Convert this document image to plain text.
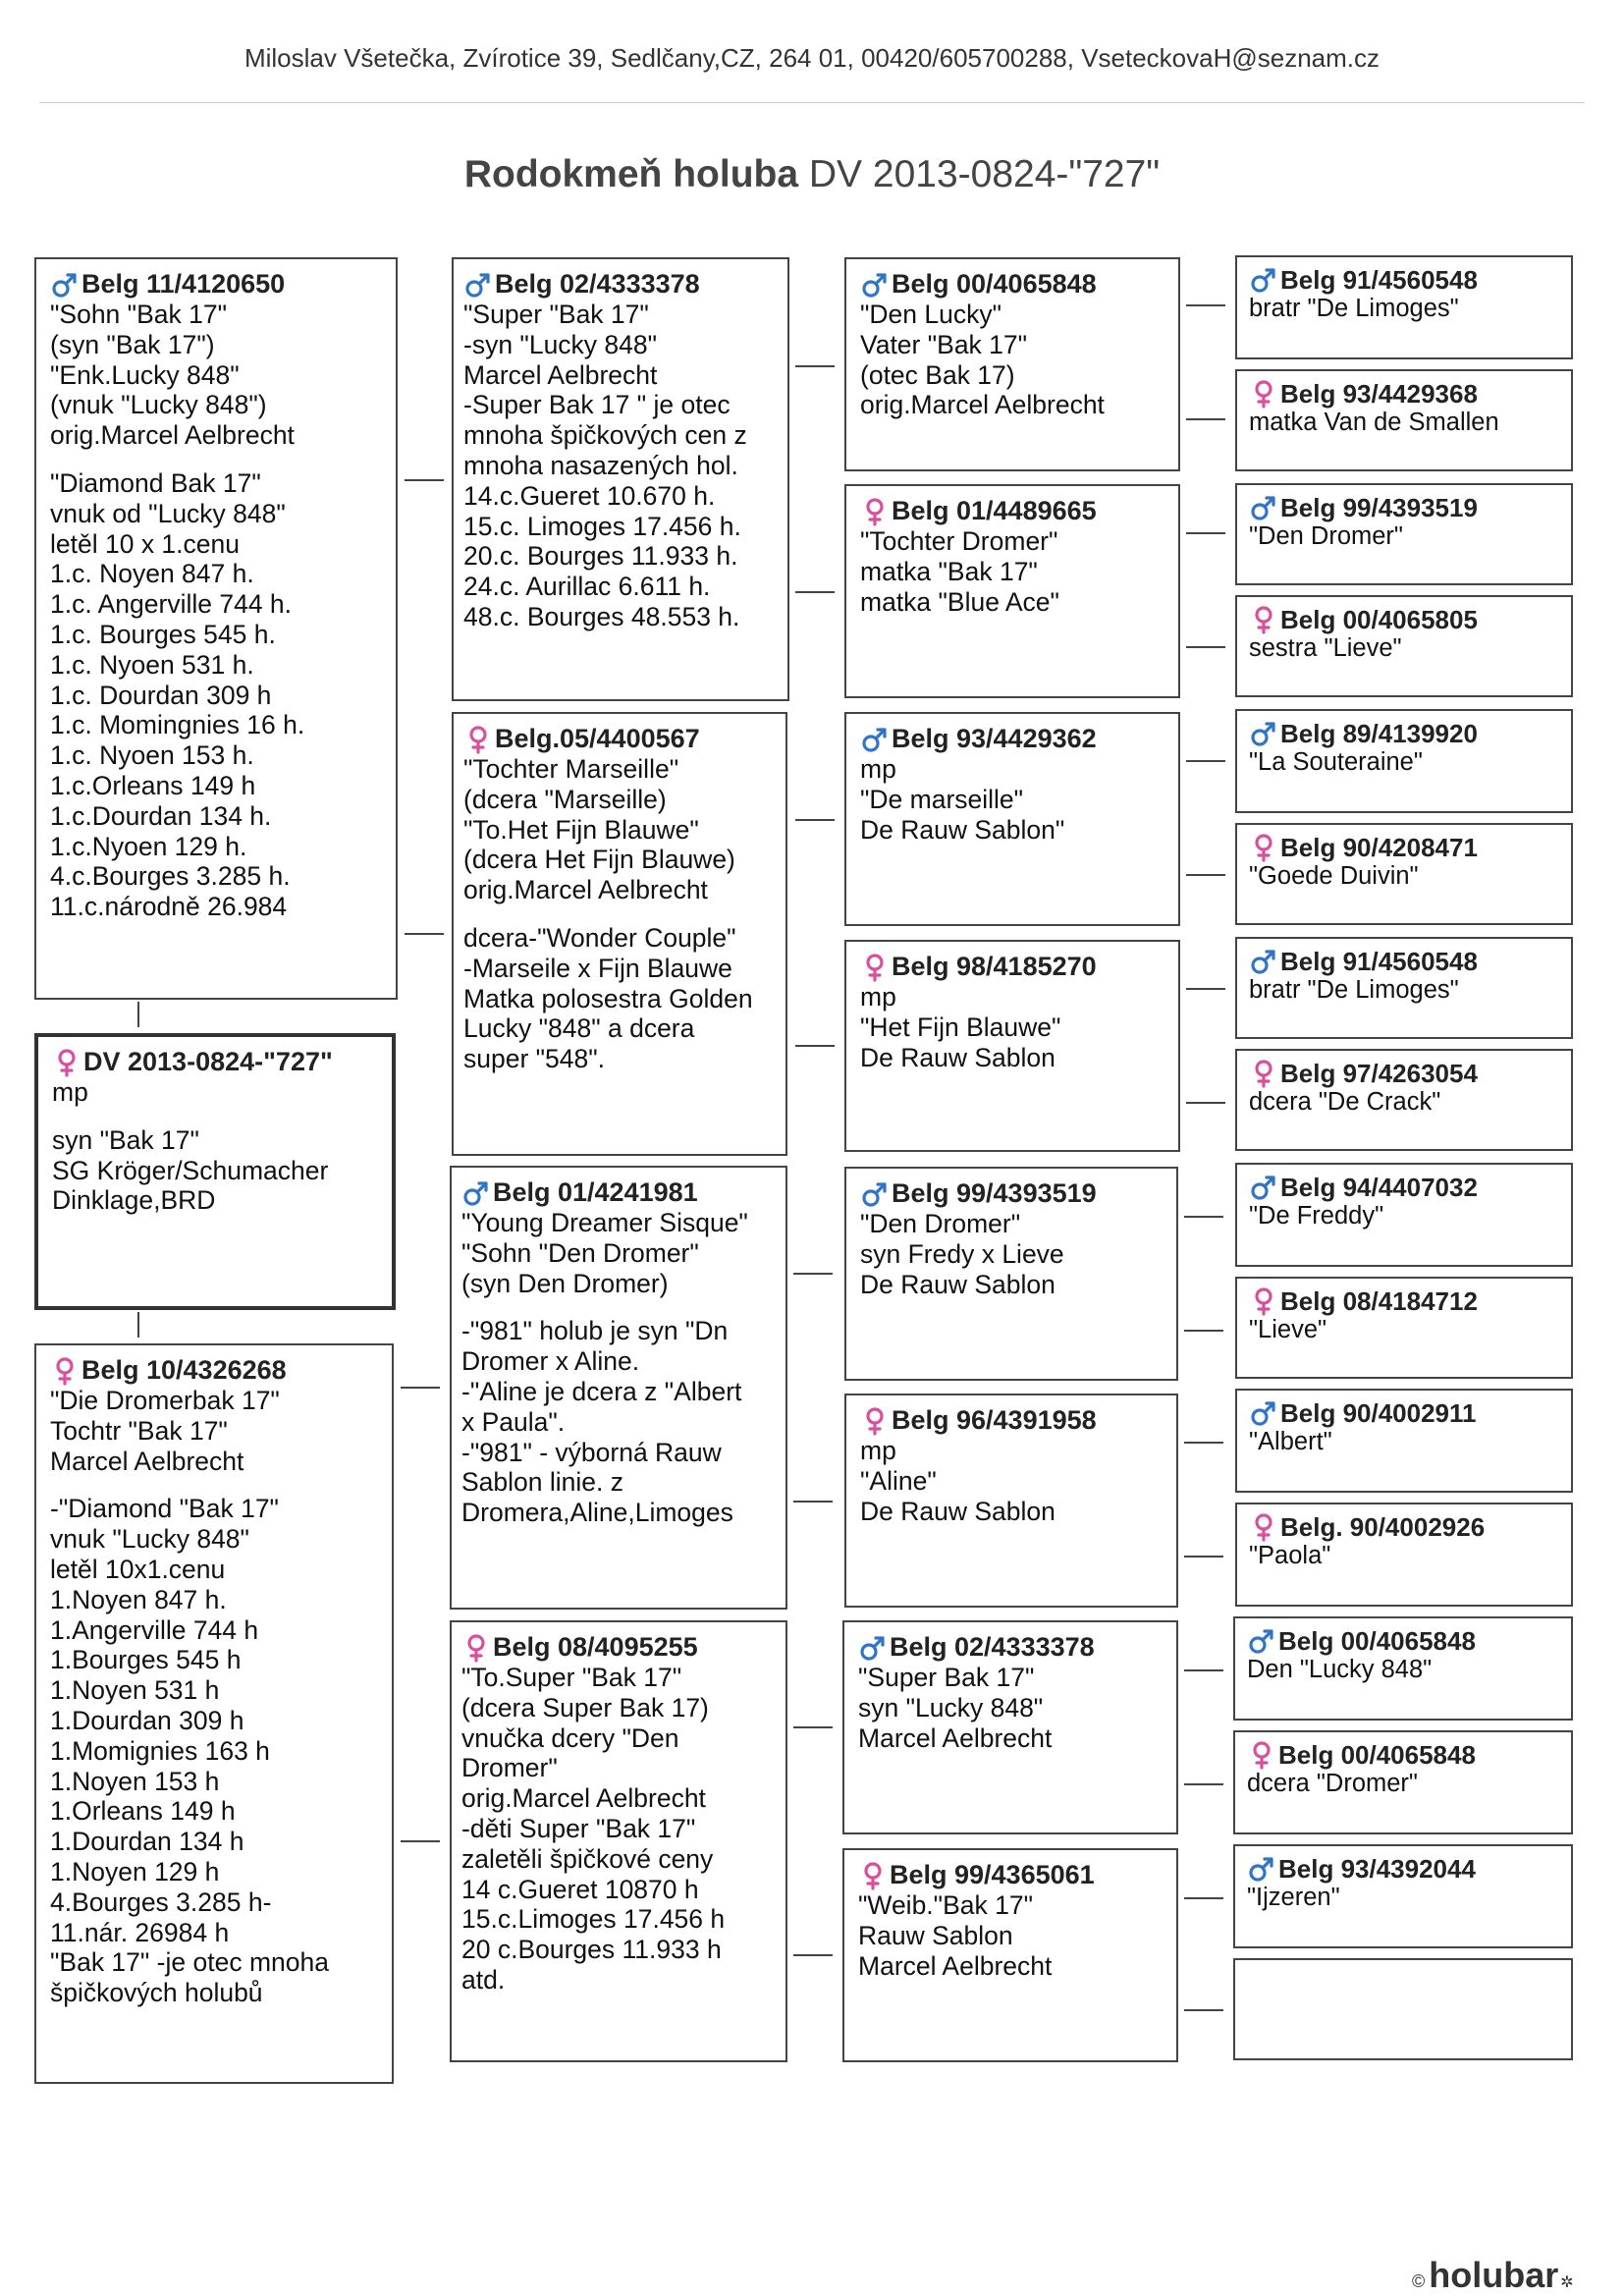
Miloslav Všetečka, Zvírotice 39, Sedlčany,CZ, 264 01, 00420/605700288, VseteckovaH@seznam.cz
Rodokmeň holuba DV 2013-0824-"727"
Belg 11/4120650
"Sohn "Bak 17"
(syn "Bak 17")
"Enk.Lucky 848"
(vnuk "Lucky 848")
orig.Marcel Aelbrecht
"Diamond Bak 17"
vnuk od "Lucky 848"
letěl 10 x 1.cenu
1.c. Noyen 847 h.
1.c. Angerville 744 h.
1.c. Bourges 545 h.
1.c. Nyoen 531 h.
1.c. Dourdan 309 h
1.c. Momingnies 16 h.
1.c. Nyoen 153 h.
1.c.Orleans 149 h
1.c.Dourdan 134 h.
1.c.Nyoen 129 h.
4.c.Bourges 3.285 h.
11.c.národně 26.984
DV 2013-0824-"727"
mp
syn "Bak 17"
SG Kröger/Schumacher
Dinklage,BRD
Belg 10/4326268
"Die Dromerbak 17"
Tochtr "Bak 17"
Marcel Aelbrecht
-"Diamond "Bak 17"
vnuk "Lucky 848"
letěl 10x1.cenu
1.Noyen 847 h.
1.Angerville 744 h
1.Bourges 545 h
1.Noyen 531 h
1.Dourdan 309 h
1.Momignies 163 h
1.Noyen 153 h
1.Orleans 149 h
1.Dourdan 134 h
1.Noyen 129 h
4.Bourges 3.285 h-
11.nár. 26984 h
"Bak 17" -je otec mnoha
špičkových holubů
Belg 02/4333378
"Super "Bak 17"
-syn "Lucky 848"
Marcel Aelbrecht
-Super Bak 17 " je otec
mnoha špičkových cen z
mnoha nasazených hol.
14.c.Gueret 10.670 h.
15.c. Limoges 17.456 h.
20.c. Bourges 11.933 h.
24.c. Aurillac 6.611 h.
48.c. Bourges 48.553 h.
Belg.05/4400567
"Tochter Marseille"
(dcera "Marseille)
"To.Het Fijn Blauwe"
(dcera Het Fijn Blauwe)
orig.Marcel Aelbrecht
dcera-"Wonder Couple"
-Marseile x Fijn Blauwe
Matka polosestra Golden
Lucky "848" a dcera
super "548".
Belg 01/4241981
"Young Dreamer Sisque"
"Sohn "Den Dromer"
(syn Den Dromer)
-"981" holub je syn "Dn
Dromer x Aline.
-"Aline je dcera z "Albert
x Paula".
-"981" - výborná Rauw
Sablon linie. z
Dromera,Aline,Limoges
Belg 08/4095255
"To.Super "Bak 17"
(dcera Super Bak 17)
vnučka dcery "Den
Dromer"
orig.Marcel Aelbrecht
-děti Super "Bak 17"
zaletěli špičkové ceny
14 c.Gueret 10870 h
15.c.Limoges 17.456 h
20 c.Bourges 11.933 h
atd.
Belg 00/4065848
"Den Lucky"
Vater "Bak 17"
(otec Bak 17)
orig.Marcel Aelbrecht
Belg 01/4489665
"Tochter Dromer"
matka "Bak 17"
matka "Blue Ace"
Belg 93/4429362
mp
"De marseille"
De Rauw Sablon"
Belg 98/4185270
mp
"Het Fijn Blauwe"
De Rauw Sablon
Belg 99/4393519
"Den Dromer"
syn Fredy x Lieve
De Rauw Sablon
Belg 96/4391958
mp
"Aline"
De Rauw Sablon
Belg 02/4333378
"Super Bak 17"
syn "Lucky 848"
Marcel Aelbrecht
Belg 99/4365061
"Weib."Bak 17"
Rauw Sablon
Marcel Aelbrecht
Belg 91/4560548
bratr "De Limoges"
Belg 93/4429368
matka Van de Smallen
Belg 99/4393519
"Den Dromer"
Belg 00/4065805
sestra "Lieve"
Belg 89/4139920
"La Souteraine"
Belg 90/4208471
"Goede Duivin"
Belg 91/4560548
bratr "De Limoges"
Belg 97/4263054
dcera "De Crack"
Belg 94/4407032
"De Freddy"
Belg 08/4184712
"Lieve"
Belg 90/4002911
"Albert"
Belg. 90/4002926
"Paola"
Belg 00/4065848
Den "Lucky 848"
Belg 00/4065848
dcera "Dromer"
Belg 93/4392044
"Ijzeren"
© holubar ✲
